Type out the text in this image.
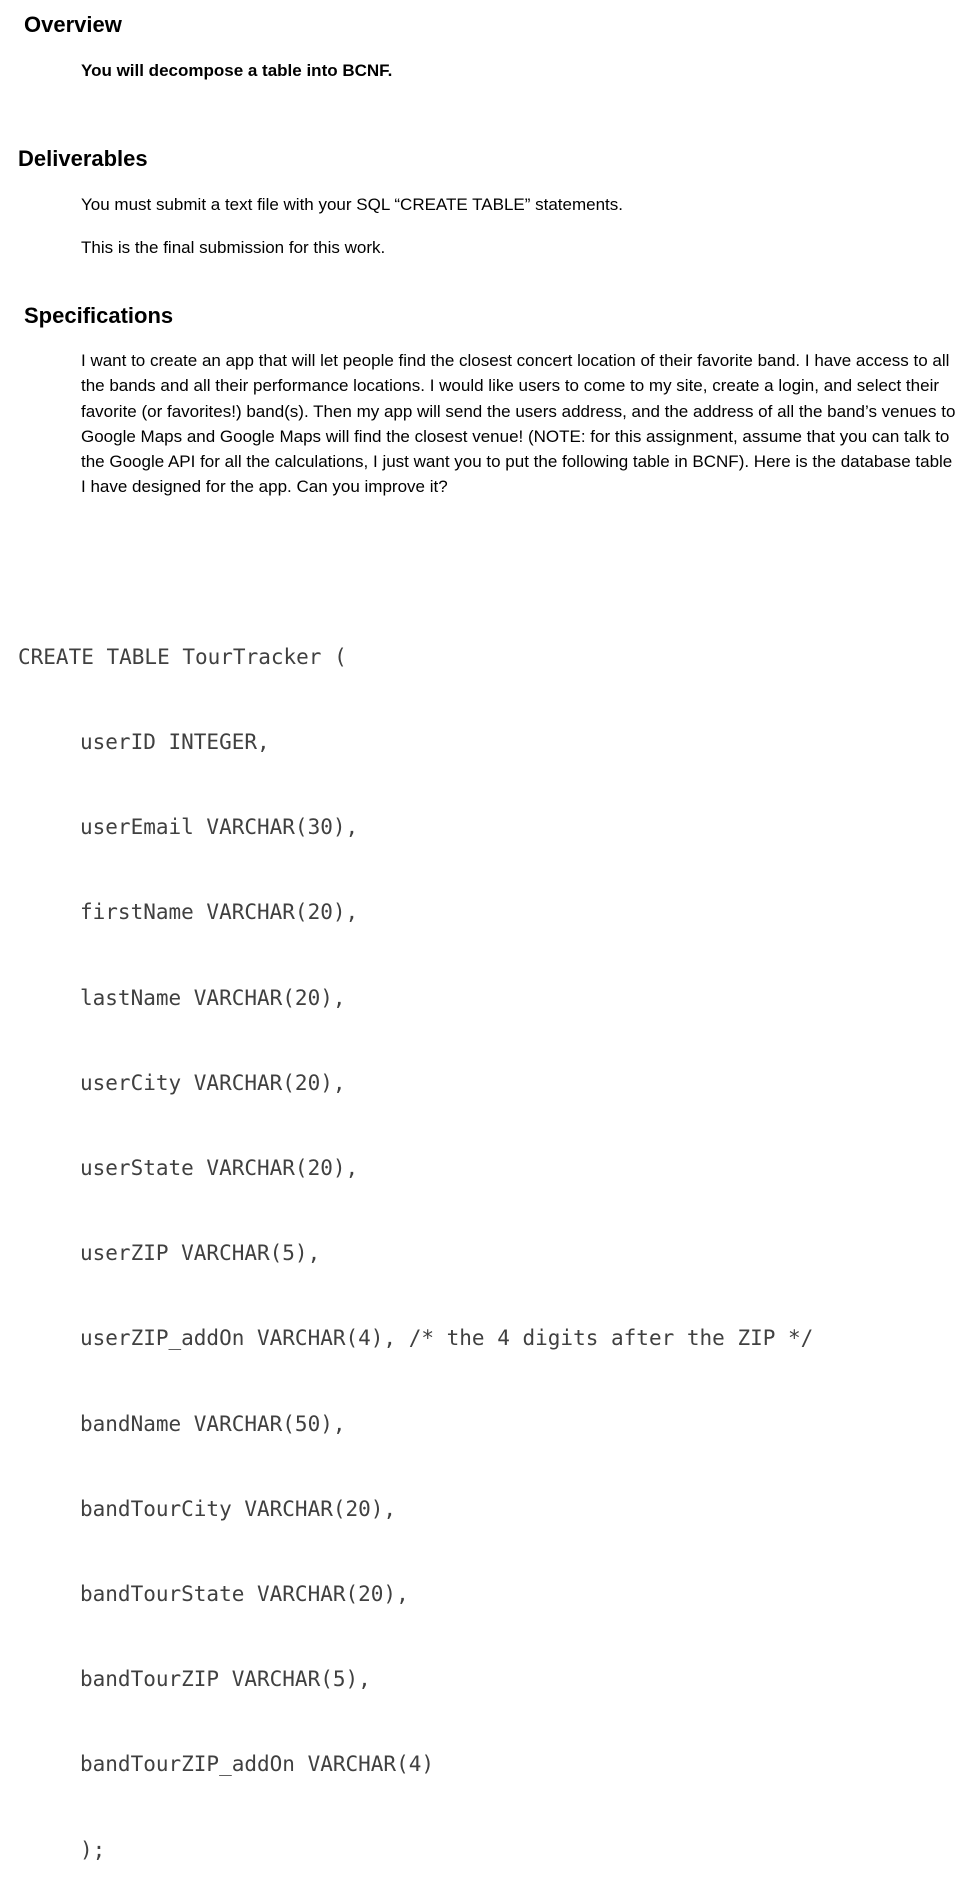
Overview

You will decompose a table into BCNF.

Deliverables

You must submit a text file with your SQL “CREATE TABLE” statements.

This is the final submission for this work.

Specifications

I want to create an app that will let people find the closest concert location of their favorite band. I have access to all the bands and all their performance locations. I would like users to come to my site, create a login, and select their favorite (or favorites!) band(s). Then my app will send the users address, and the address of all the band’s venues to Google Maps and Google Maps will find the closest venue! (NOTE: for this assignment, assume that you can talk to the Google API for all the calculations, I just want you to put the following table in BCNF). Here is the database table I have designed for the app. Can you improve it?

CREATE TABLE TourTracker (

userID INTEGER,

userEmail VARCHAR(30),

firstName VARCHAR(20),

lastName VARCHAR(20),

userCity VARCHAR(20),

userState VARCHAR(20),

userZIP VARCHAR(5),

userZIP_addOn VARCHAR(4), /* the 4 digits after the ZIP */

bandName VARCHAR(50),

bandTourCity VARCHAR(20),

bandTourState VARCHAR(20),

bandTourZIP VARCHAR(5),

bandTourZIP_addOn VARCHAR(4)

);
